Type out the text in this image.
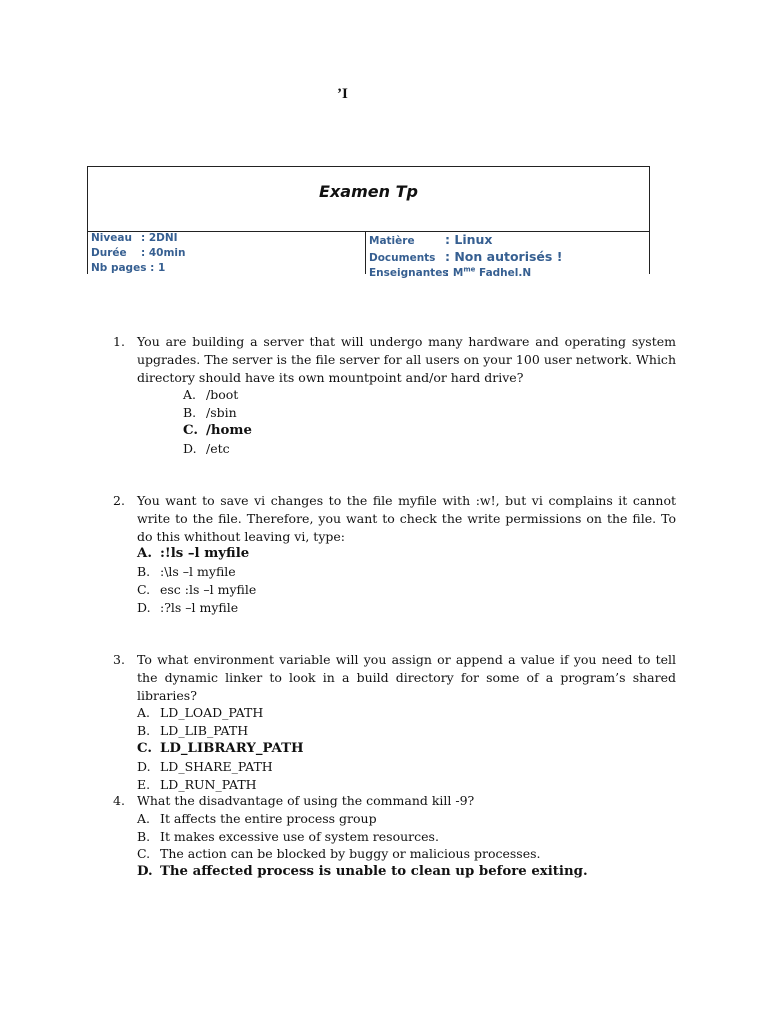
’I
Examen Tp
Niveau : 2DNI
Durée	: 40min
Nb pages : 1
Matière	: Linux
Documents : Non autorisés !
Enseignantes
: $M^{me}$ Fadhel.N
1. You are building a server that will undergo many hardware and operating system upgrades. The server is the file server for all users on your 100 user network. Which directory should have its own mountpoint and/or hard drive?
A. /boot
B. /sbin
C. /home
D. /etc
2. You want to save vi changes to the file myfile with :w!, but vi complains it cannot write to the file. Therefore, you want to check the write permissions on the file. To do this whithout leaving vi, type:
A. :!ls –l myfile
B. :\ls –l myfile
C. esc :ls –l myfile
D. :?ls –l myfile
3. To what environment variable will you assign or append a value if you need to tell the dynamic linker to look in a build directory for some of a program’s shared libraries?
A. LD_LOAD_PATH
B. LD_LIB_PATH
C. LD_LIBRARY_PATH
D. LD_SHARE_PATH
E. LD_RUN_PATH
4. What the disadvantage of using the command kill -9?
A. It affects the entire process group
B. It makes excessive use of system resources.
C. The action can be blocked by buggy or malicious processes.
D. The affected process is unable to clean up before exiting.
